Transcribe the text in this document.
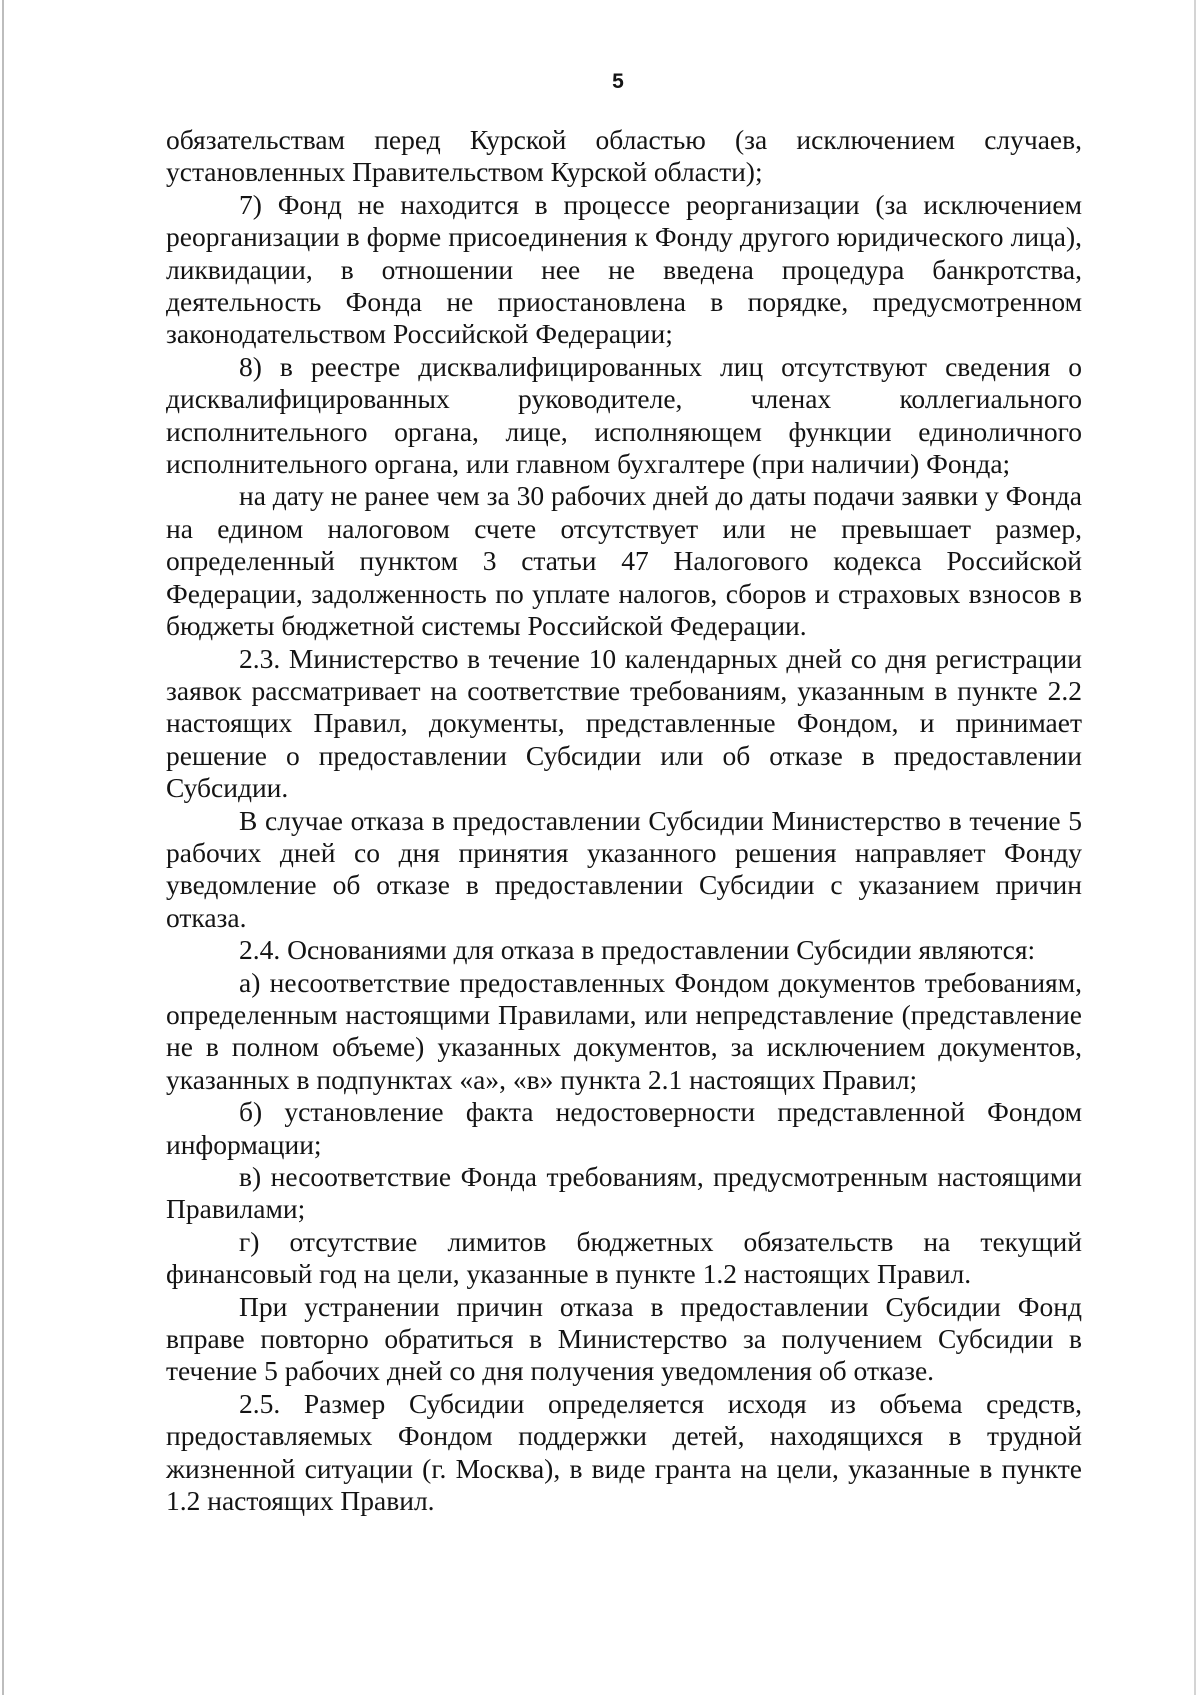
5

обязательствам перед Курской областью (за исключением случаев, установленных Правительством Курской области);

7) Фонд не находится в процессе реорганизации (за исключением реорганизации в форме присоединения к Фонду другого юридического лица), ликвидации, в отношении нее не введена процедура банкротства, деятельность Фонда не приостановлена в порядке, предусмотренном законодательством Российской Федерации;

8) в реестре дисквалифицированных лиц отсутствуют сведения о дисквалифицированных руководителе, членах коллегиального исполнительного органа, лице, исполняющем функции единоличного исполнительного органа, или главном бухгалтере (при наличии) Фонда;

на дату не ранее чем за 30 рабочих дней до даты подачи заявки у Фонда на едином налоговом счете отсутствует или не превышает размер, определенный пунктом 3 статьи 47 Налогового кодекса Российской Федерации, задолженность по уплате налогов, сборов и страховых взносов в бюджеты бюджетной системы Российской Федерации.

2.3. Министерство в течение 10 календарных дней со дня регистрации заявок рассматривает на соответствие требованиям, указанным в пункте 2.2 настоящих Правил, документы, представленные Фондом, и принимает решение о предоставлении Субсидии или об отказе в предоставлении Субсидии.

В случае отказа в предоставлении Субсидии Министерство в течение 5 рабочих дней со дня принятия указанного решения направляет Фонду уведомление об отказе в предоставлении Субсидии с указанием причин отказа.

2.4. Основаниями для отказа в предоставлении Субсидии являются:

а) несоответствие предоставленных Фондом документов требованиям, определенным настоящими Правилами, или непредставление (представление не в полном объеме) указанных документов, за исключением документов, указанных в подпунктах «а», «в» пункта 2.1 настоящих Правил;

б) установление факта недостоверности представленной Фондом информации;

в) несоответствие Фонда требованиям, предусмотренным настоящими Правилами;

г) отсутствие лимитов бюджетных обязательств на текущий финансовый год на цели, указанные в пункте 1.2 настоящих Правил.

При устранении причин отказа в предоставлении Субсидии Фонд вправе повторно обратиться в Министерство за получением Субсидии в течение 5 рабочих дней со дня получения уведомления об отказе.

2.5. Размер Субсидии определяется исходя из объема средств, предоставляемых Фондом поддержки детей, находящихся в трудной жизненной ситуации (г. Москва), в виде гранта на цели, указанные в пункте 1.2 настоящих Правил.
